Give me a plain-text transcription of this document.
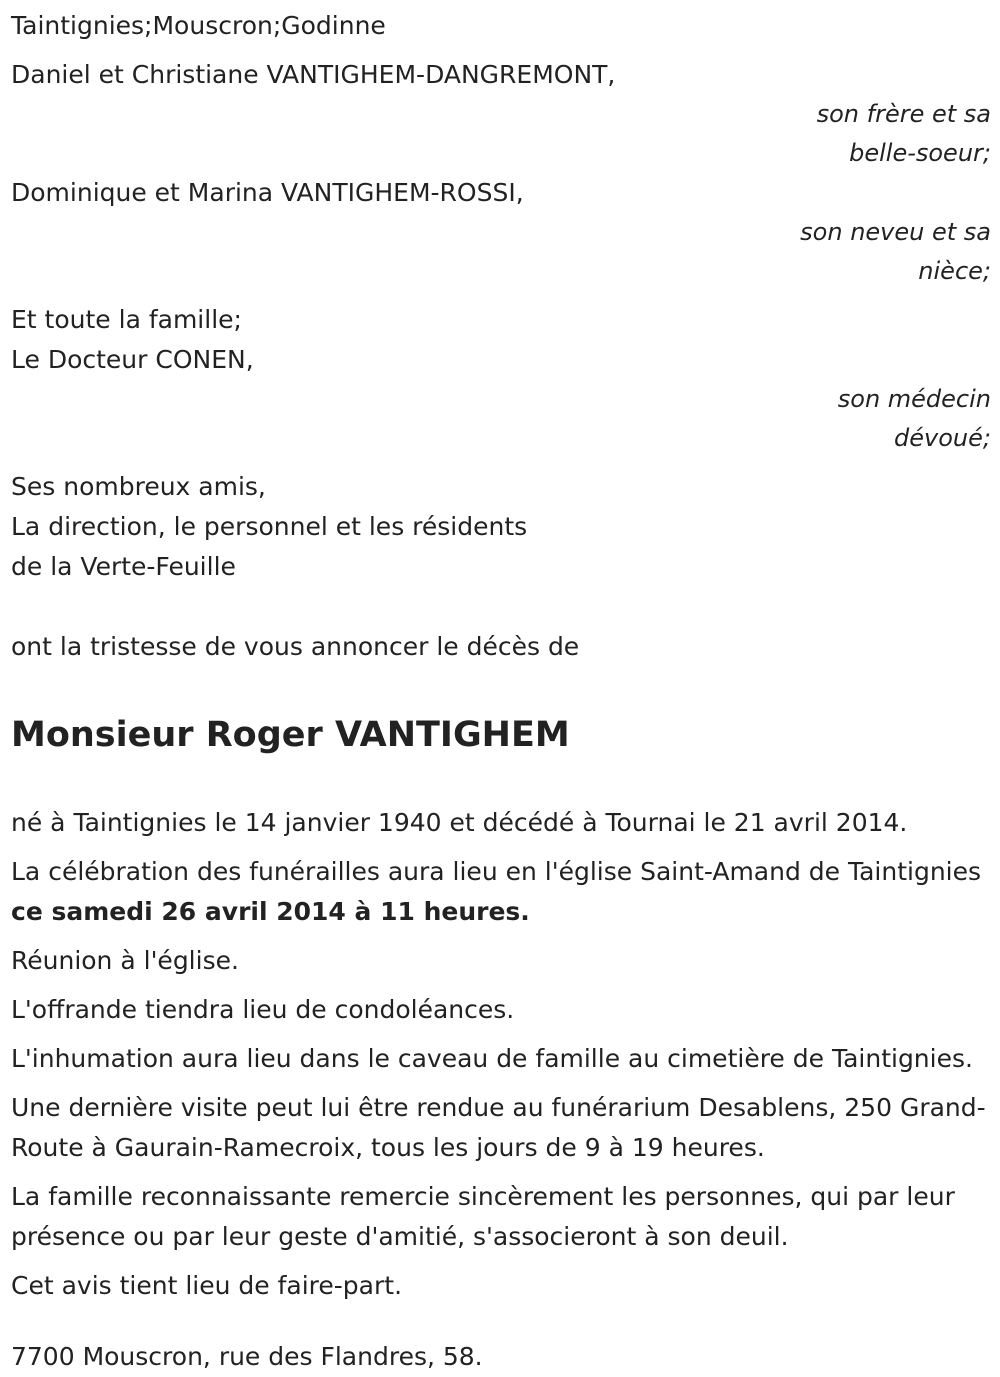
Taintignies;Mouscron;Godinne
Daniel et Christiane VANTIGHEM-DANGREMONT,
son frère et sa
belle-soeur;
Dominique et Marina VANTIGHEM-ROSSI,
son neveu et sa
nièce;
Et toute la famille;
Le Docteur CONEN,
son médecin
dévoué;
Ses nombreux amis,
La direction, le personnel et les résidents
de la Verte-Feuille
ont la tristesse de vous annoncer le décès de
Monsieur Roger VANTIGHEM

né à Taintignies le 14 janvier 1940 et décédé à Tournai le 21 avril 2014.

La célébration des funérailles aura lieu en l'église Saint-Amand de Taintignies ce samedi 26 avril 2014 à 11 heures.

Réunion à l'église.

L'offrande tiendra lieu de condoléances.

L'inhumation aura lieu dans le caveau de famille au cimetière de Taintignies.

Une dernière visite peut lui être rendue au funérarium Desablens, 250 Grand-Route à Gaurain-Ramecroix, tous les jours de 9 à 19 heures.

La famille reconnaissante remercie sincèrement les personnes, qui par leur présence ou par leur geste d'amitié, s'associeront à son deuil.

Cet avis tient lieu de faire-part.

7700 Mouscron, rue des Flandres, 58.
